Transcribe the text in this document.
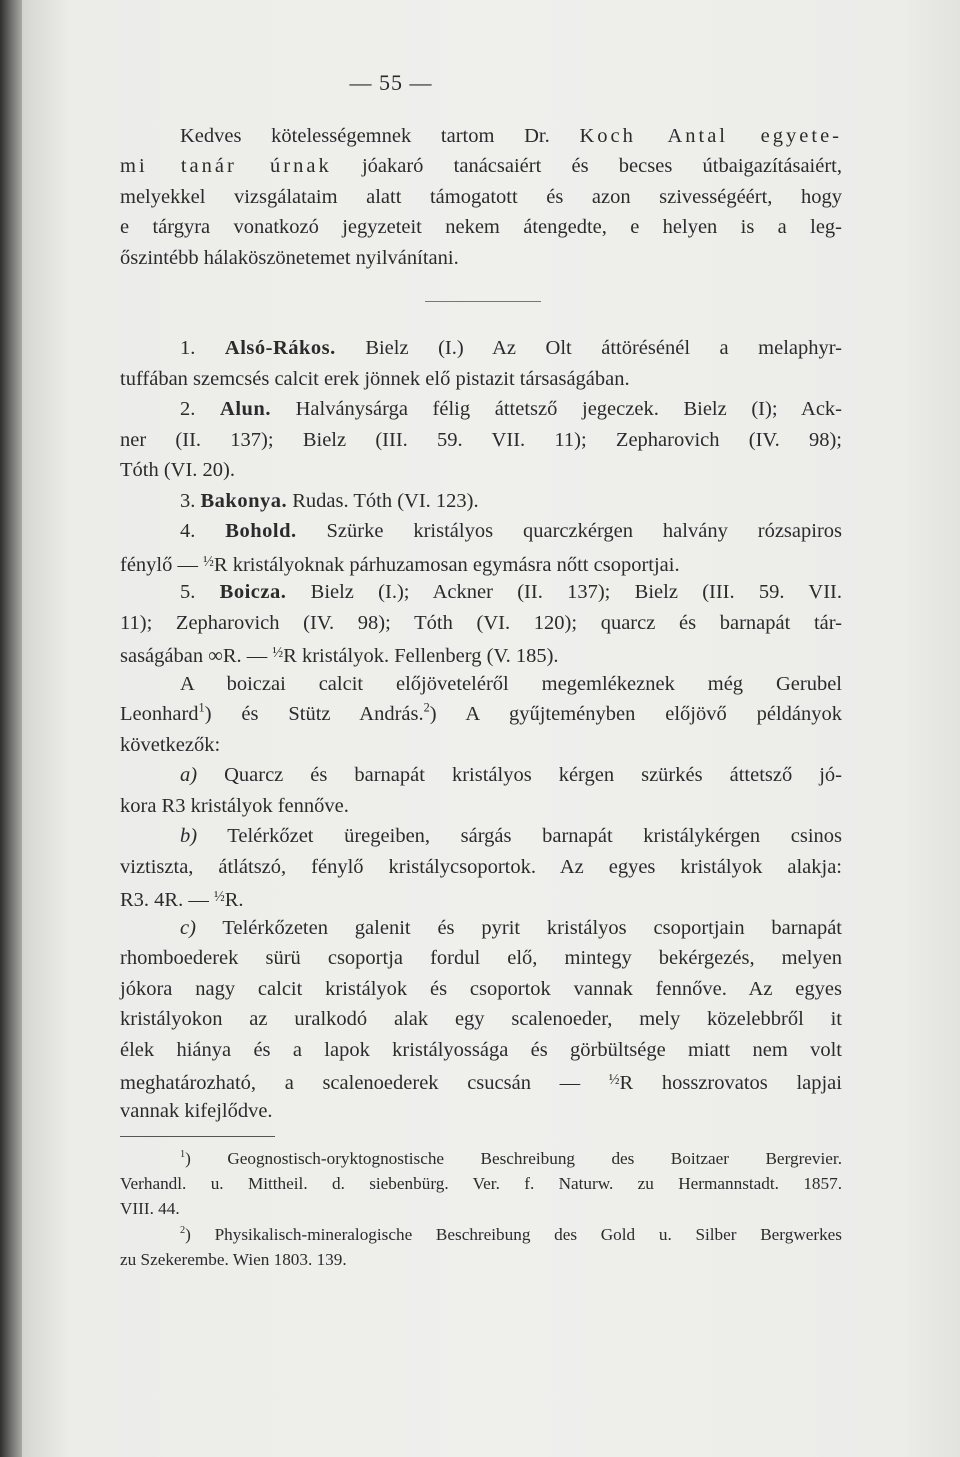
— 55 —
Kedves kötelességemnek tartom Dr. Koch Antal egyete-
mi tanár úrnak jóakaró tanácsaiért és becses útbaigazításaiért,
melyekkel vizsgálataim alatt támogatott és azon szivességéért, hogy
e tárgyra vonatkozó jegyzeteit nekem átengedte, e helyen is a leg-
őszintébb hálaköszönetemet nyilvánítani.
1. Alsó-Rákos. Bielz (I.) Az Olt áttörésénél a melaphyr-
tuffában szemcsés calcit erek jönnek elő pistazit társaságában.
2. Alun. Halványsárga félig áttetsző jegeczek. Bielz (I); Ack-
ner (II. 137); Bielz (III. 59. VII. 11); Zepharovich (IV. 98);
Tóth (VI. 20).
3. Bakonya. Rudas. Tóth (VI. 123).
4. Bohold. Szürke kristályos quarczkérgen halvány rózsapiros
fénylő — $^{\frac{1}{2}}$R kristályoknak párhuzamosan egymásra nőtt csoportjai.
5. Boicza. Bielz (I.); Ackner (II. 137); Bielz (III. 59. VII.
11); Zepharovich (IV. 98); Tóth (VI. 120); quarcz és barnapát tár-
saságában ∞R. — $^{\frac{1}{2}}$R kristályok. Fellenberg (V. 185).
A boiczai calcit előjöveteléről megemlékeznek még Gerubel
Leonhard$^1$) és Stütz András.$^2$) A gyűjteményben előjövő példányok
következők:
a) Quarcz és barnapát kristályos kérgen szürkés áttetsző jó-
kora R3 kristályok fennőve.
b) Telérkőzet üregeiben, sárgás barnapát kristálykérgen csinos
viztiszta, átlátszó, fénylő kristálycsoportok. Az egyes kristályok alakja:
R3. 4R. — $^{\frac{1}{2}}$R.
c) Telérkőzeten galenit és pyrit kristályos csoportjain barnapát
rhomboederek sürü csoportja fordul elő, mintegy bekérgezés, melyen
jókora nagy calcit kristályok és csoportok vannak fennőve. Az egyes
kristályokon az uralkodó alak egy scalenoeder, mely közelebbről it
élek hiánya és a lapok kristályossága és görbültsége miatt nem volt
meghatározható, a scalenoederek csucsán — $^{\frac{1}{2}}$R hosszrovatos lapjai
vannak kifejlődve.
$^1$) Geognostisch-oryktognostische Beschreibung des Boitzaer Bergrevier.
Verhandl. u. Mittheil. d. siebenbürg. Ver. f. Naturw. zu Hermannstadt. 1857.
VIII. 44.
$^2$) Physikalisch-mineralogische Beschreibung des Gold u. Silber Bergwerkes
zu Szekerembe. Wien 1803. 139.
